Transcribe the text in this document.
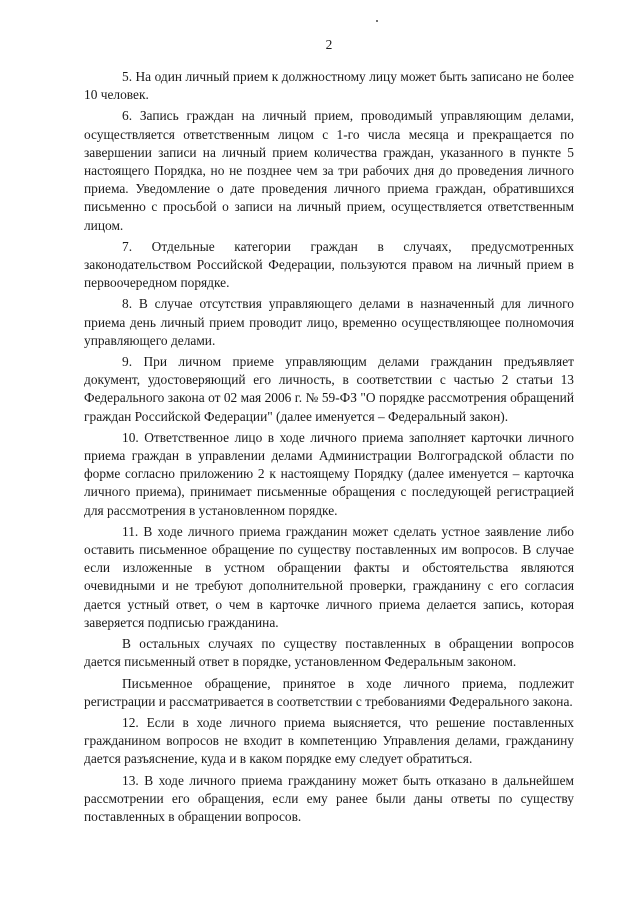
2

5. На один личный прием к должностному лицу может быть записано не более 10 человек.

6. Запись граждан на личный прием, проводимый управляющим делами, осуществляется ответственным лицом с 1-го числа месяца и прекращается по завершении записи на личный прием количества граждан, указанного в пункте 5 настоящего Порядка, но не позднее чем за три рабочих дня до проведения личного приема. Уведомление о дате проведения личного приема граждан, обратившихся письменно с просьбой о записи на личный прием, осуществляется ответственным лицом.

7. Отдельные категории граждан в случаях, предусмотренных законодательством Российской Федерации, пользуются правом на личный прием в первоочередном порядке.

8. В случае отсутствия управляющего делами в назначенный для личного приема день личный прием проводит лицо, временно осуществляющее полномочия управляющего делами.

9. При личном приеме управляющим делами гражданин предъявляет документ, удостоверяющий его личность, в соответствии с частью 2 статьи 13 Федерального закона от 02 мая 2006 г. № 59-ФЗ "О порядке рассмотрения обращений граждан Российской Федерации" (далее именуется – Федеральный закон).

10. Ответственное лицо в ходе личного приема заполняет карточки личного приема граждан в управлении делами Администрации Волгоградской области по форме согласно приложению 2 к настоящему Порядку (далее именуется – карточка личного приема), принимает письменные обращения с последующей регистрацией для рассмотрения в установленном порядке.

11. В ходе личного приема гражданин может сделать устное заявление либо оставить письменное обращение по существу поставленных им вопросов. В случае если изложенные в устном обращении факты и обстоятельства являются очевидными и не требуют дополнительной проверки, гражданину с его согласия дается устный ответ, о чем в карточке личного приема делается запись, которая заверяется подписью гражданина.

В остальных случаях по существу поставленных в обращении вопросов дается письменный ответ в порядке, установленном Федеральным законом.

Письменное обращение, принятое в ходе личного приема, подлежит регистрации и рассматривается в соответствии с требованиями Федерального закона.

12. Если в ходе личного приема выясняется, что решение поставленных гражданином вопросов не входит в компетенцию Управления делами, гражданину дается разъяснение, куда и в каком порядке ему следует обратиться.

13. В ходе личного приема гражданину может быть отказано в дальнейшем рассмотрении его обращения, если ему ранее были даны ответы по существу поставленных в обращении вопросов.
